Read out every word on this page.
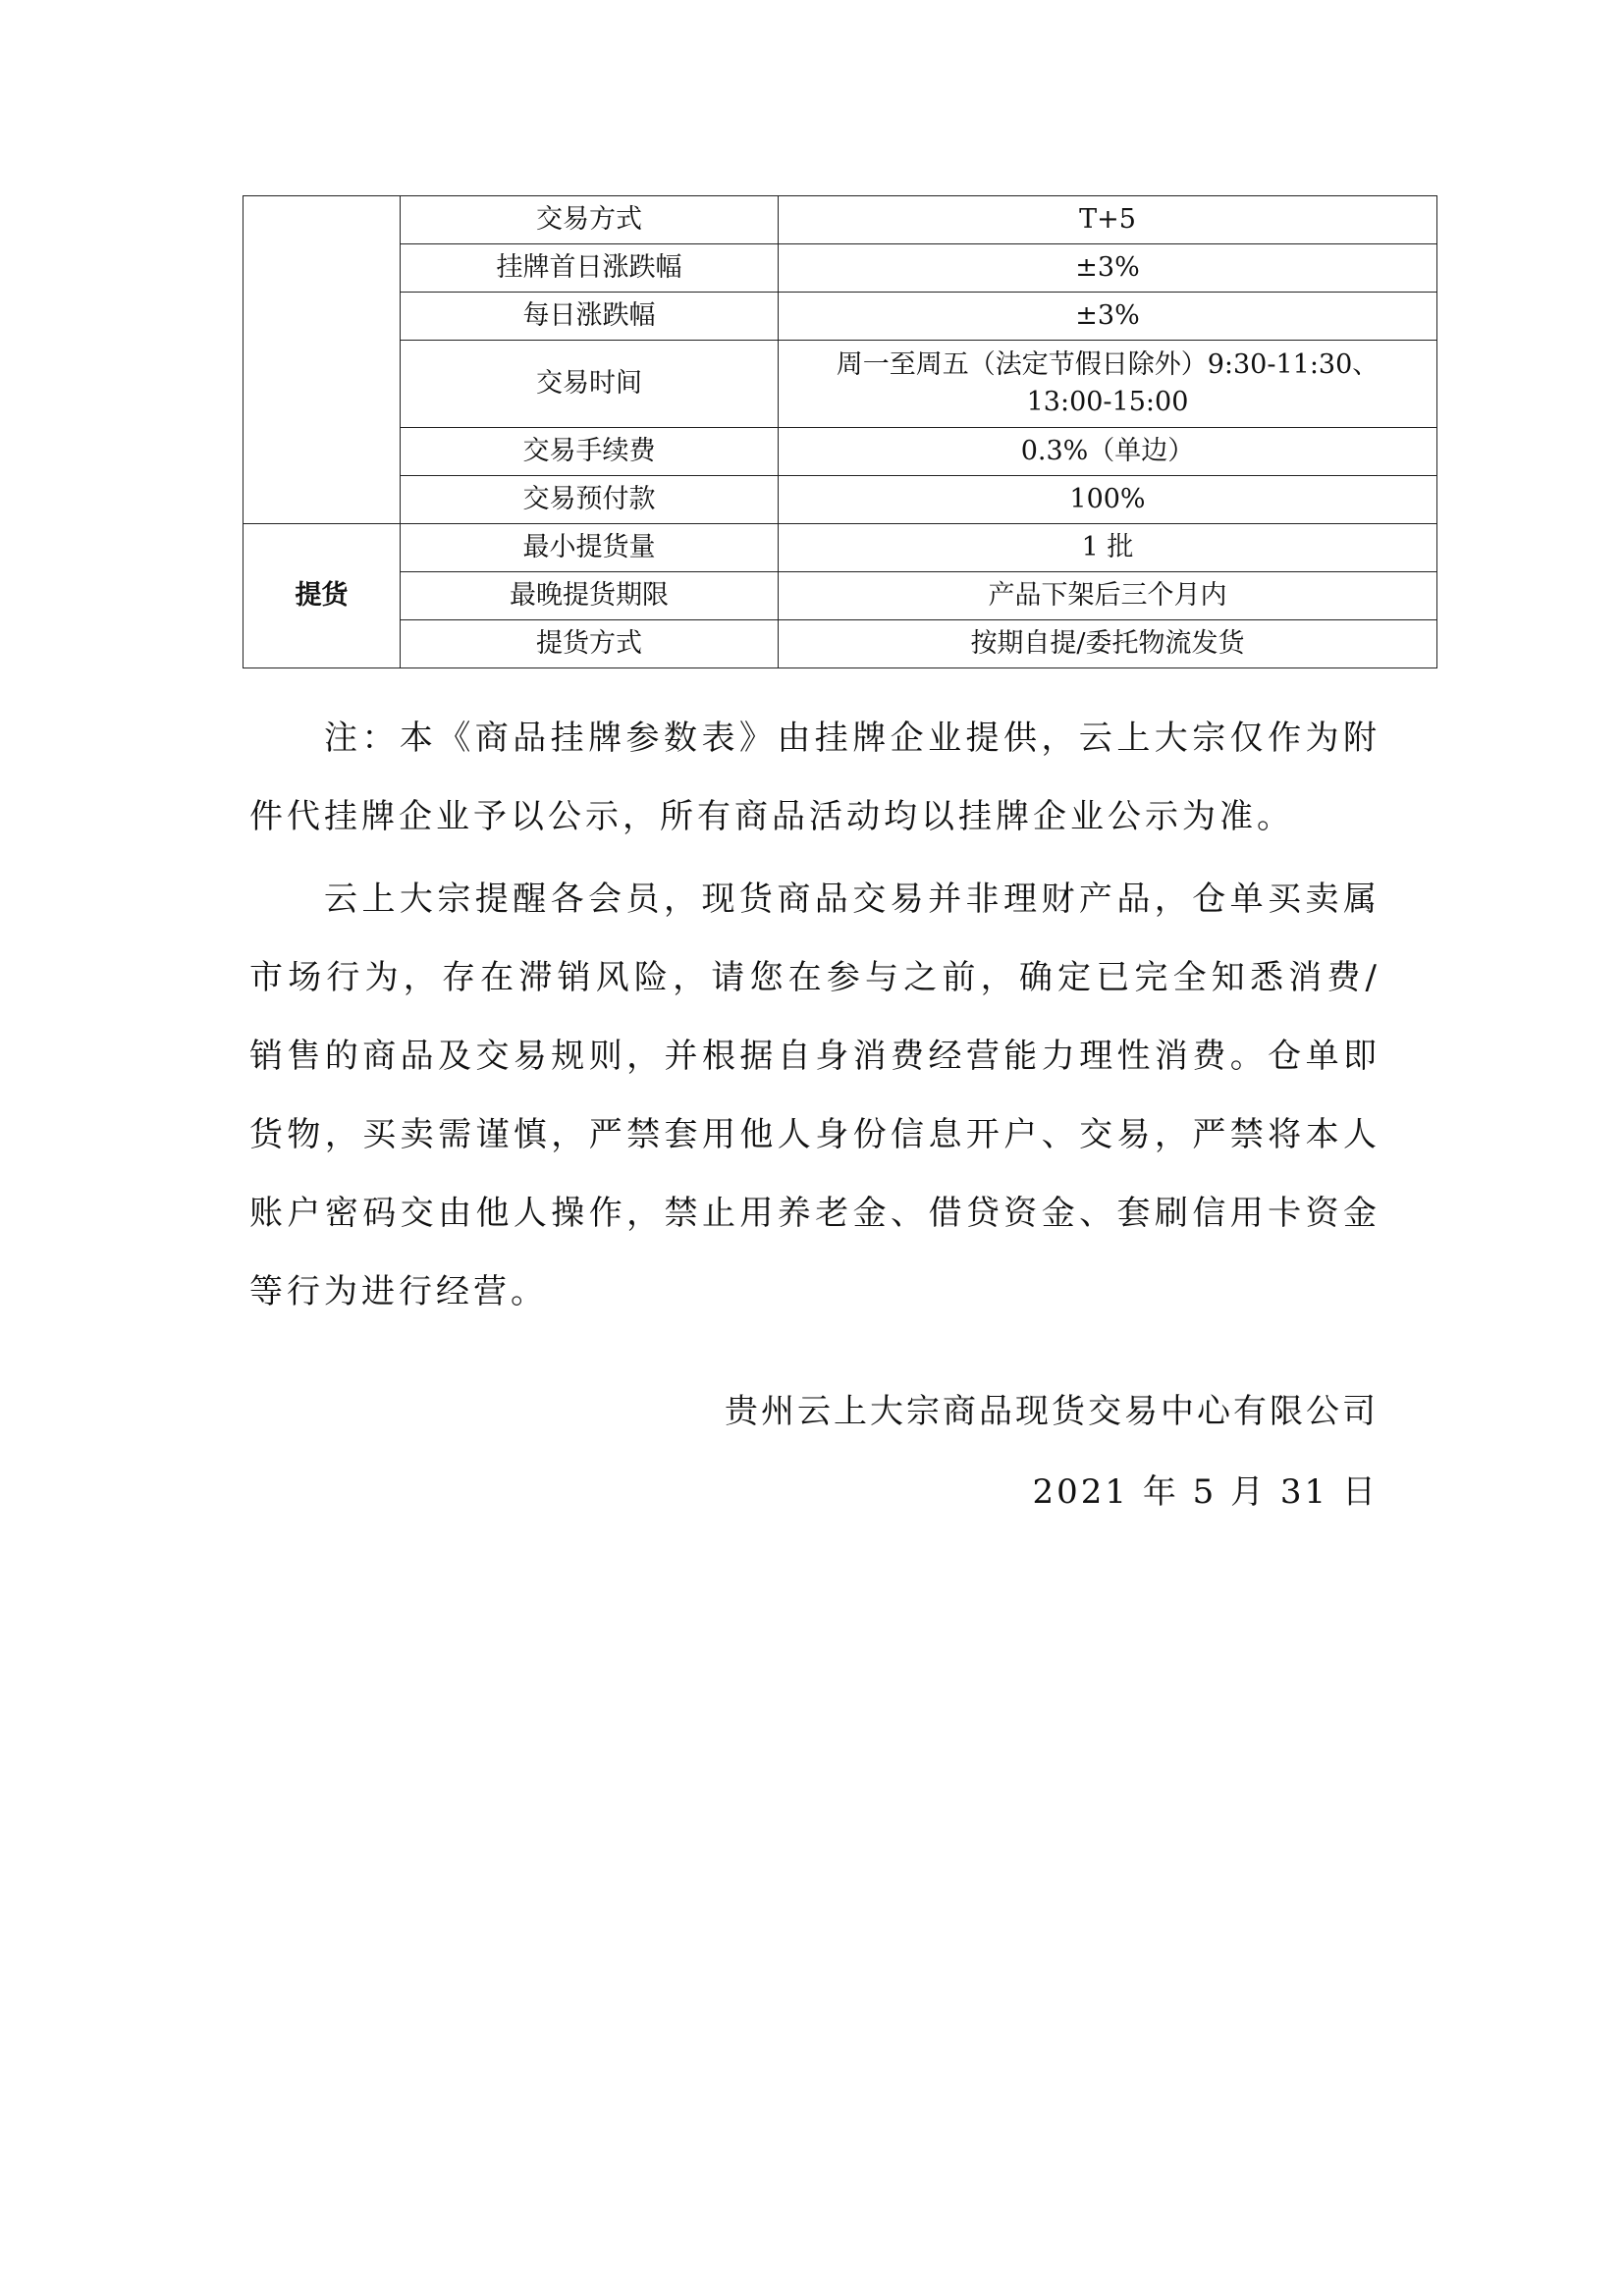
	交易方式	T+5
	挂牌首日涨跌幅	±3%
	每日涨跌幅	±3%
	交易时间	周一至周五（法定节假日除外）9:30-11:30、
13:00-15:00

	交易手续费	0.3%（单边）
	交易预付款	100%
提货	最小提货量	1 批
	最晚提货期限	产品下架后三个月内
	提货方式	按期自提/委托物流发货

注：本《商品挂牌参数表》由挂牌企业提供，云上大宗仅作为附件代挂牌企业予以公示，所有商品活动均以挂牌企业公示为准。

云上大宗提醒各会员，现货商品交易并非理财产品，仓单买卖属市场行为，存在滞销风险，请您在参与之前，确定已完全知悉消费/销售的商品及交易规则，并根据自身消费经营能力理性消费。仓单即货物，买卖需谨慎，严禁套用他人身份信息开户、交易，严禁将本人账户密码交由他人操作，禁止用养老金、借贷资金、套刷信用卡资金等行为进行经营。

贵州云上大宗商品现货交易中心有限公司

2021 年 5 月 31 日
